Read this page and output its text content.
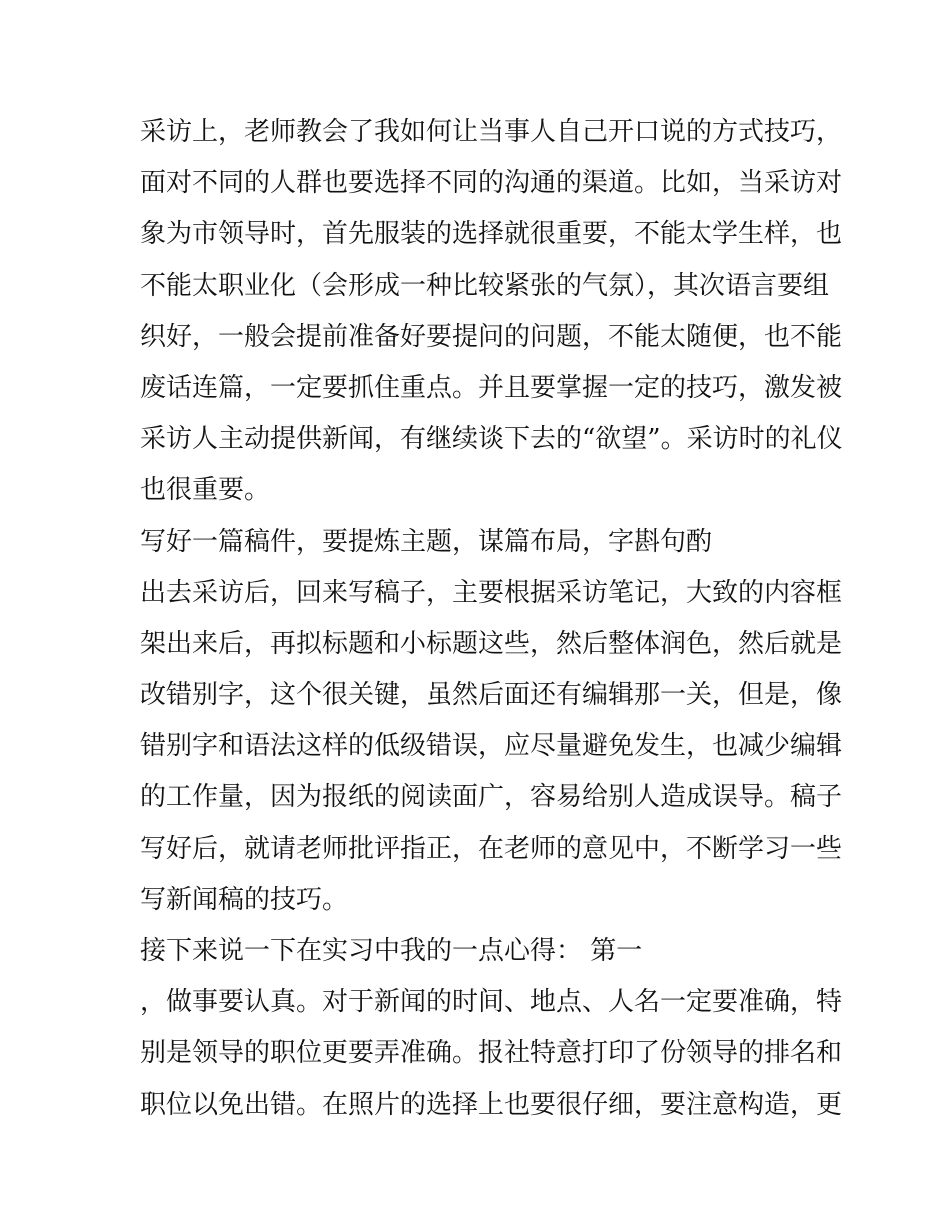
采访上，老师教会了我如何让当事人自己开口说的方式技巧，
面对不同的人群也要选择不同的沟通的渠道。比如，当采访对
象为市领导时，首先服装的选择就很重要，不能太学生样，也
不能太职业化（会形成一种比较紧张的气氛），其次语言要组
织好，一般会提前准备好要提问的问题，不能太随便，也不能
废话连篇，一定要抓住重点。并且要掌握一定的技巧，激发被
采访人主动提供新闻，有继续谈下去的“欲望”。采访时的礼仪
也很重要。
写好一篇稿件，要提炼主题，谋篇布局，字斟句酌
出去采访后，回来写稿子，主要根据采访笔记，大致的内容框
架出来后，再拟标题和小标题这些，然后整体润色，然后就是
改错别字，这个很关键，虽然后面还有编辑那一关，但是，像
错别字和语法这样的低级错误，应尽量避免发生，也减少编辑
的工作量，因为报纸的阅读面广，容易给别人造成误导。稿子
写好后，就请老师批评指正，在老师的意见中，不断学习一些
写新闻稿的技巧。
接下来说一下在实习中我的一点心得： 第一
，做事要认真。对于新闻的时间、地点、人名一定要准确，特
别是领导的职位更要弄准确。报社特意打印了份领导的排名和
职位以免出错。在照片的选择上也要很仔细，要注意构造，更
